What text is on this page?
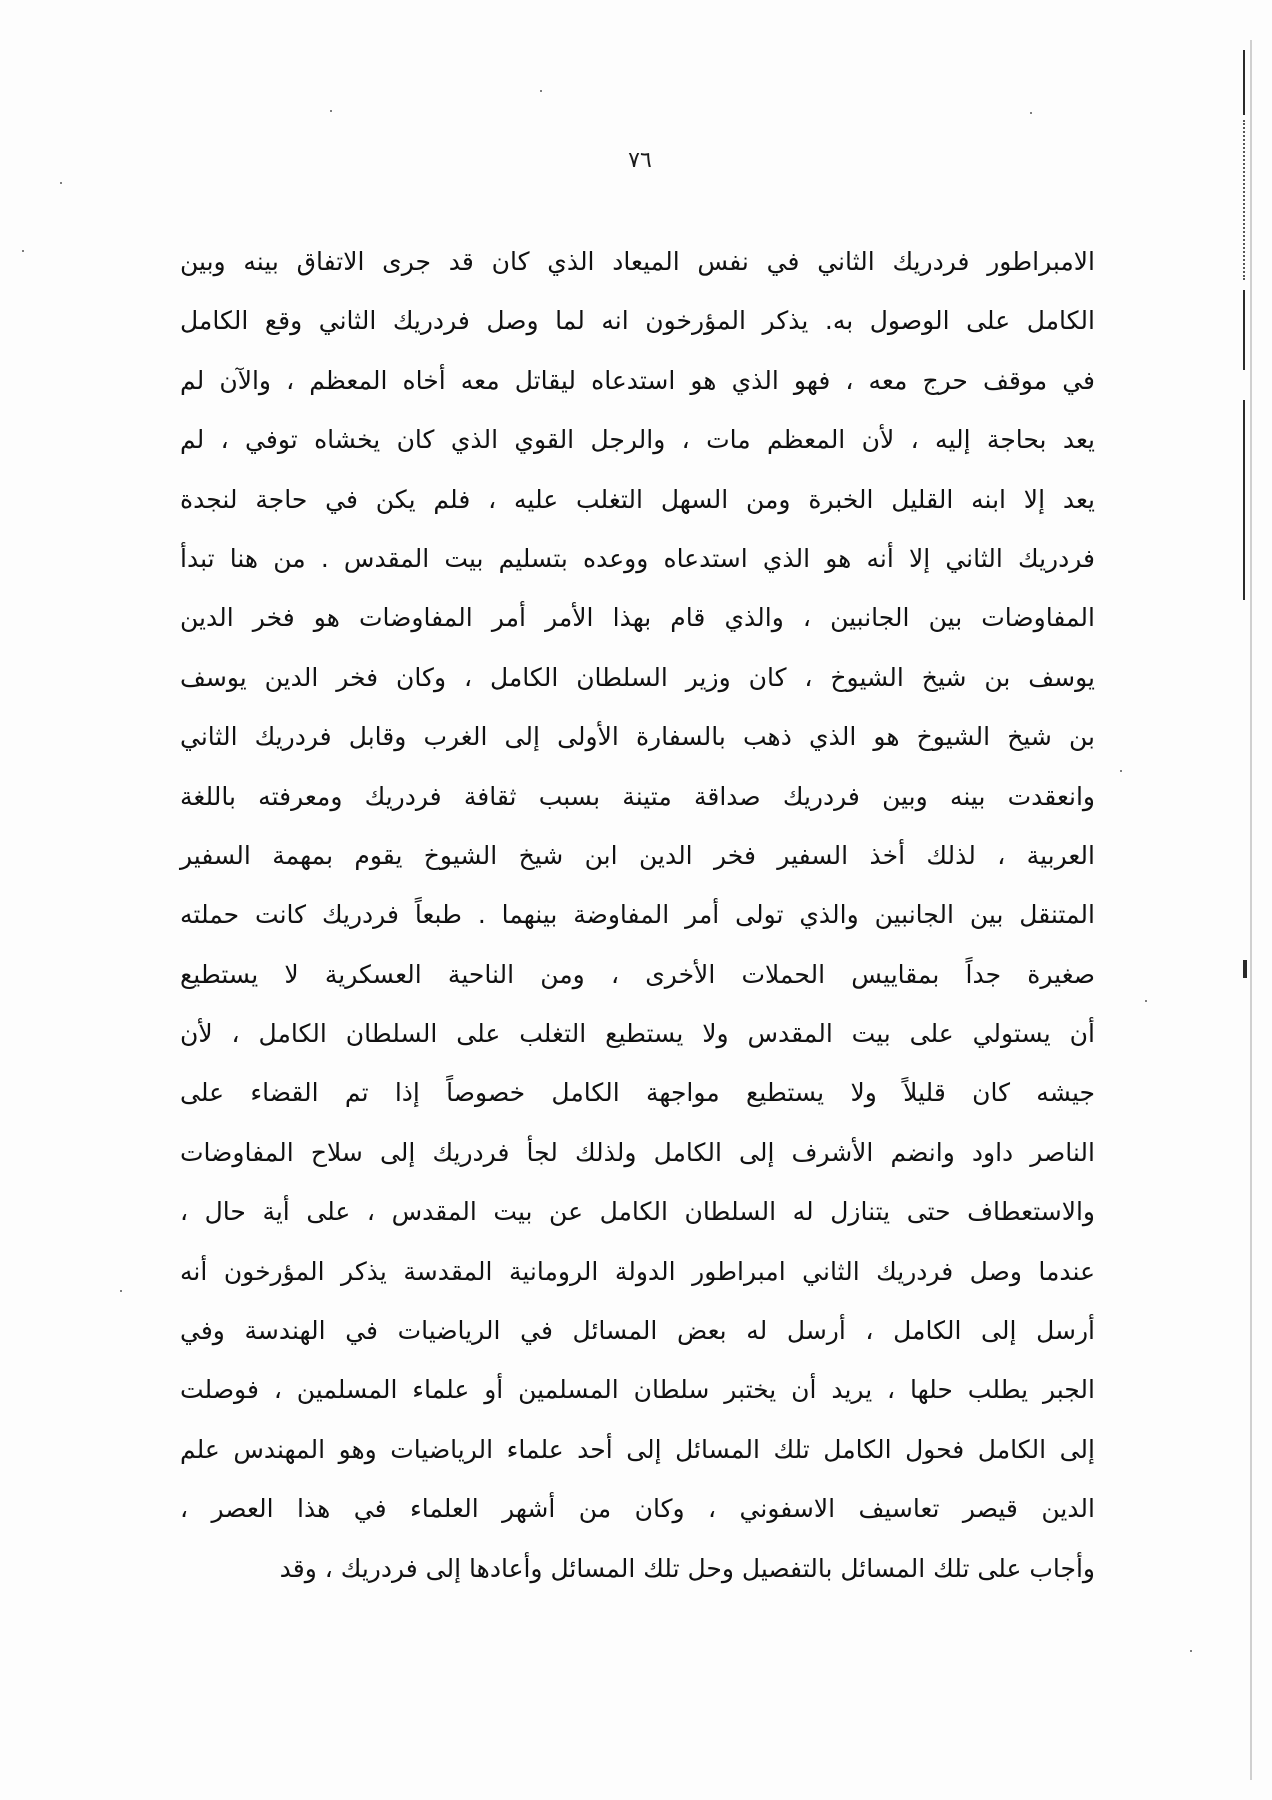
٧٦
الامبراطور فردريك الثاني في نفس الميعاد الذي كان قد جرى الاتفاق بينه وبين
الكامل على الوصول به. يذكر المؤرخون انه لما وصل فردريك الثاني وقع الكامل
في موقف حرج معه ، فهو الذي هو استدعاه ليقاتل معه أخاه المعظم ، والآن لم
يعد بحاجة إليه ، لأن المعظم مات ، والرجل القوي الذي كان يخشاه توفي ، لم
يعد إلا ابنه القليل الخبرة ومن السهل التغلب عليه ، فلم يكن في حاجة لنجدة
فردريك الثاني إلا أنه هو الذي استدعاه ووعده بتسليم بيت المقدس . من هنا تبدأ
المفاوضات بين الجانبين ، والذي قام بهذا الأمر أمر المفاوضات هو فخر الدين
يوسف بن شيخ الشيوخ ، كان وزير السلطان الكامل ، وكان فخر الدين يوسف
بن شيخ الشيوخ هو الذي ذهب بالسفارة الأولى إلى الغرب وقابل فردريك الثاني
وانعقدت بينه وبين فردريك صداقة متينة بسبب ثقافة فردريك ومعرفته باللغة
العربية ، لذلك أخذ السفير فخر الدين ابن شيخ الشيوخ يقوم بمهمة السفير
المتنقل بين الجانبين والذي تولى أمر المفاوضة بينهما . طبعاً فردريك كانت حملته
صغيرة جداً بمقاييس الحملات الأخرى ، ومن الناحية العسكرية لا يستطيع
أن يستولي على بيت المقدس ولا يستطيع التغلب على السلطان الكامل ، لأن
جيشه كان قليلاً ولا يستطيع مواجهة الكامل خصوصاً إذا تم القضاء على
الناصر داود وانضم الأشرف إلى الكامل ولذلك لجأ فردريك إلى سلاح المفاوضات
والاستعطاف حتى يتنازل له السلطان الكامل عن بيت المقدس ، على أية حال ،
عندما وصل فردريك الثاني امبراطور الدولة الرومانية المقدسة يذكر المؤرخون أنه
أرسل إلى الكامل ، أرسل له بعض المسائل في الرياضيات في الهندسة وفي
الجبر يطلب حلها ، يريد أن يختبر سلطان المسلمين أو علماء المسلمين ، فوصلت
إلى الكامل فحول الكامل تلك المسائل إلى أحد علماء الرياضيات وهو المهندس علم
الدين قيصر تعاسيف الاسفوني ، وكان من أشهر العلماء في هذا العصر ،
وأجاب على تلك المسائل بالتفصيل وحل تلك المسائل وأعادها إلى فردريك ، وقد
